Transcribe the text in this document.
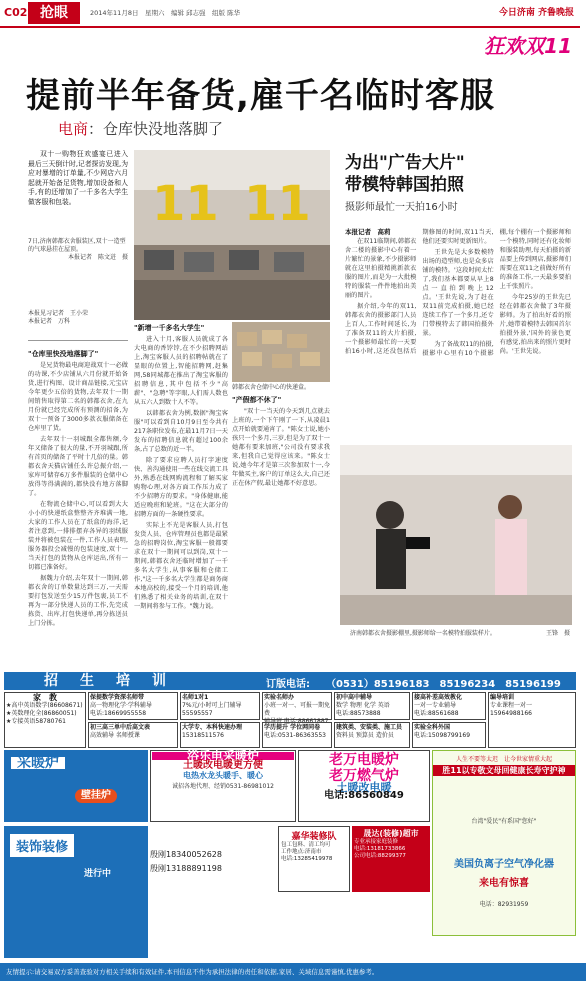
C02 抢眼	2014年11月8日　星期六　编辑 邱志强　组版 陈华	今日济南 齐鲁晚报
狂欢双11
提前半年备货,雇千名临时客服
电商：仓库快没地落脚了

双十一购物狂欢盛宴已进入最后三天倒计时,记者探访发现,为应对暴增的订单量,不少网店六月起就开始备足货物,增加设备和人手,有的还增加了一千多名大学生做客服和包装。

7日,济南韩都衣舍服装区,双十一造型的气球悬挂在屋顶。

本报记者　陈文迸　摄
本报见习记者　王小荣
本报记者　万科
11 11
韩都衣舍仓储中心的快递盒。
"仓库里快没地落脚了"

是兄货物最电商迎战双十一必做的功课,不少店铺从六月份就开始备货,进行构图、设计商品链接,元宝店今年更少五倍的货物,去年双十一期间销售取得第二名的韩都衣舍,在九月份就已经完成所有预测的招备,为双十一预备了3000多款衣服储备在仓库里了货。

去年双十一羽城跟全都售额,今年又储备了很大的量,不开羽城跟,所有首页的储备了平时十几倍的量。韩都衣舍天猫店铺任么许总振介绍,一家库可储存6万多件服装的仓储中心放得等得满满的,都快没有地方落脚了。

在物流仓储中心,可以看到大大小小的快递纸盒整整齐齐堆满一地,大家的工作人员在了纸盒的海洋,记者注意到,一排排摆弃各异的羽绒服装并将被包装在一件,工作人员表明,服务器投会减慢的包装速度,双十一当天打包的货物从仓库运出,所有一切都已准备好。

据魏力介绍,去年双十一期间,韩都衣舍的订单数量达到三万,一天需要打包发送至少15万件包裹,员工不再为一部分快递人员的工作,先完成拣货、出库,打包快递单,再分拣送员上门分拣。

"新增一千多名大学生"

进入十月,客服人员就成了各大电商的香饽饽,在不少招聘网站上,淘宝客服人员的招聘帖就在了显眼的位置上,智能招聘网,赶集网,58同城都在推出了淘宝客服的招聘信息,其中包括不少"高薪"、"急聘"等字眼,人们需人数也从五六人到数十人不等。

以韩都衣舍为例,数据"淘宝客服"可以看到自10月9日至今共有217条职位发布,在最11月7日一天发布的招聘信息就有超过100余条,占了总数的近一半。

除了要求应聘人员打字速度快、善沟通使用一些在线交流工具外,熟悉在线网购流程和了解买家购物心理,对各方面工作压力成了不少招聘方的要求。"身体健康,能适应晚班和轮班。"这在大部分的招聘方面的一条硬性要求。

实际上不光是客服人员,打包发货人员、仓库管理员也都是最紧急的招聘岗位,淘宝客服一般都要求在双十一期间可以到岗,双十一期间,韩都衣舍还临时增加了一千多名大学生,从事客服和仓储工作,"这一千多名大学生都是商务商本地高校的,接受一个月的培训,他们熟悉了相关业务的培训,在双十一期间将参与工作。"魏力说。

"产假都不休了"

"双十一当天的今天到几点就去上班的,一个下午刚了一下,从凌晨1点开始就要通宵了。"陈女士说,她小孩只一个多月,三岁,但是为了双十一她都有要来加班,"公司没有要求我来,但我自己觉得应该来。"陈女士说,她今年才是第三次参加双十一,今年做买主,客户的订单这么大,自己还正在休产假,最让她都不好意思。

为出"广告大片"
带模特韩国拍照
摄影师最忙一天拍16小时
本报记者　高莉

在双11临期间,韩都衣舍二楼的摄影中心有着一片繁忙的景象,不少摄影师就在这里拍摄精挑新款衣服的图片,而是为一大批模特的服装一件件地拍出美丽的图片。

据介绍,今年的双11,韩都衣舍的摄影部门人员上百人,工作时间延长,为了准备双11的大片拍摄,一个摄影师最忙的一天要拍16小时,这还没包括后期修图的时间,双11当天,他们还要实时更新图片。

王世先是大多数模特出场的造型师,也是众多店铺的模特。'这段时间太忙了,我们基本都要从早上8点一直拍到晚上12点。'王世先说,为了赶在双11前完成拍摄,她已经连续工作了一个多月,还专门带模特去了韩国拍摄外景。

为了备战双11的拍摄,摄影中心里有10个摄影棚,每个棚有一个摄影师和一个模特,同时还有化妆师和服装助理,每天拍摄的新品要上传到网店,摄影师们需要在双11之前做好所有的准备工作,一天最多要拍上千张照片。

今年25岁的王世先已经在韩都衣舍做了3年摄影师。为了拍出好看的照片,她带着模特去韩国首尔拍摄外景,'国外的景色更有感觉,拍出来的照片更时尚。'王世先说。

济南韩都衣舍摄影棚里,摄影师给一名模特拍服装样片。	王锋　摄
招　生　培　训	订版电话: （0531）85196183　85196234　85196199
家　教
★高中英语数学(86608671)
★英数理化全(86860051)
★专接英语58780761
保提数学资深名师带
高一物理化学·学科辅导
电话:18669955558
名师1对1
7%元/小时可上门辅导
55595557
实验名师办
小班一对一、可报一期免费
辅导班 电话:88661887
初中高中辅导
数学 物理 化学 英语
电话:88573888
接高补差高效教化
一对一专业辅导
电话:88561688
编导培训
专业课程一对一
15964988166
初三高三单中后高文表
高效辅导 名师授课
大学专、本科快速办理
15318511576
学历提升 学位网同卷
电话:0531-86363553
建筑类、安装类、施工员
资料员 预算员 造价员
实验全科外国
电话:15098799169
采暖炉
壁挂炉
浴乐电采暖炉
土暖改电暖更方便
电热水龙头暖手、暖心
诚招各地代理、经销0531-86981012
老万电暖炉
老万燃气炉
土暖改电暖
电话:86560849
人生不要等太迟　让今世家情重大起
胜11以专敬文母回健康长寿守护神
台湾"爱民"有系国"您好"
美国负离子空气净化器
来电有惊喜
电话：82931959
装饰装修
进行中
殷刚18340052628
殷刚13188891198
嘉华装修队
包工包料、清工均可
工作地点:济南市
电话:13285419978
晟达(装修)超市
专业承接家庭装修
电话:13181733866
公司电话:88299377
友情提示:请交易双方妥善查验对方相关手续和有效证件,本刊信息不作为承担法律的责任和依据,家居、关域信息需谨慎,优惠参考。
